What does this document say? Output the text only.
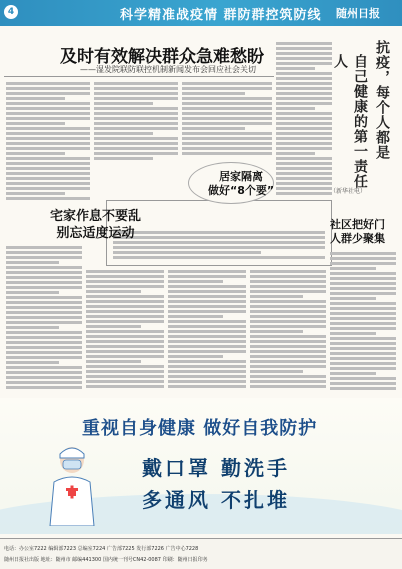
4	科学精准战疫情 群防群控筑防线 随州日报
及时有效解决群众急难愁盼
——湿发院联防联控机制新闻发布会回应社会关切	抗疫，每个人都是
自己健康的第一责任人
（新华社电）
居家隔离
做好“8个要”
宅家作息不要乱
别忘适度运动
社区把好门
人群少聚集
重视自身健康 做好自我防护
戴口罩 勤洗手
多通风 不扎堆
电话：办公室7222 编辑部7223 总编室7224 广告部7225 发行部7226 广告中心7228
随州日报社出版 地址：随州市 邮编441300 国内统一刊号CN42-0087 印刷：随州日报印务
